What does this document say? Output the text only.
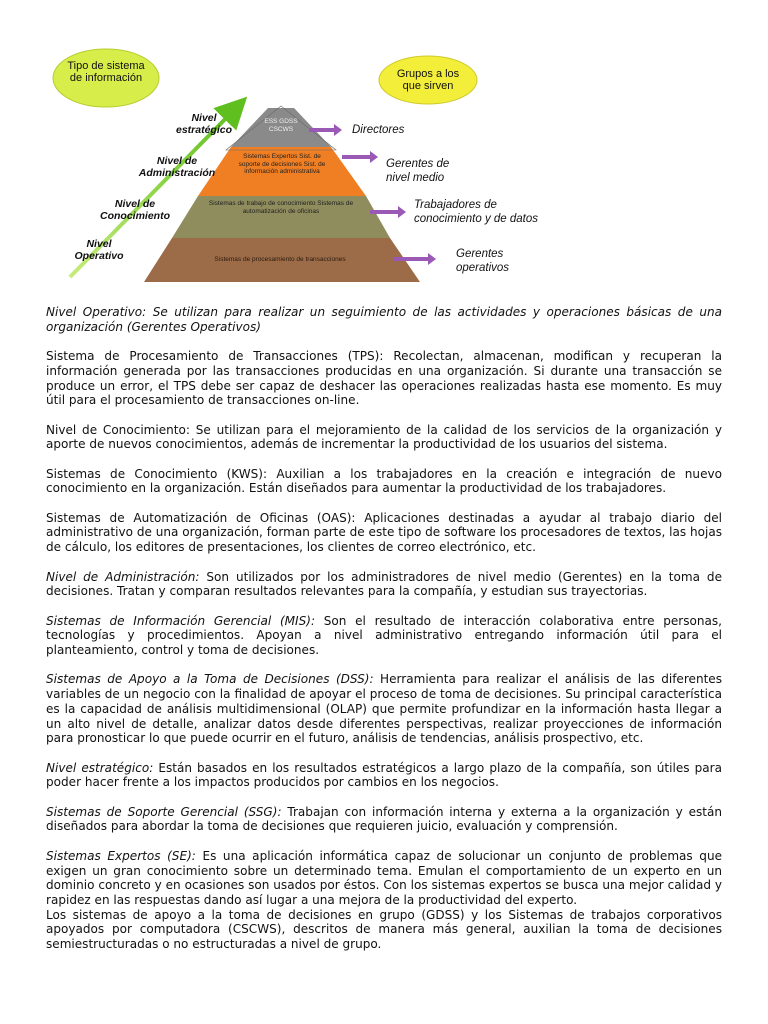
Tipo de sistema de información	Grupos a los que sirven
Nivel estratégico
Nivel de Administración
Nivel de Conocimiento
Nivel Operativo
ESS GDSS CSCWS
Sistemas Expertos Sist. de soporte de decisiones Sist. de información administrativa
Sistemas de trabajo de conocimiento Sistemas de automatización de oficinas
Sistemas de procesamiento de transacciones
Directores
Gerentes de nivel medio
Trabajadores de conocimiento y de datos
Gerentes operativos

Nivel Operativo: Se utilizan para realizar un seguimiento de las actividades y operaciones básicas de una organización (Gerentes Operativos)

Sistema de Procesamiento de Transacciones (TPS): Recolectan, almacenan, modifican y recuperan la información generada por las transacciones producidas en una organización. Si durante una transacción se produce un error, el TPS debe ser capaz de deshacer las operaciones realizadas hasta ese momento. Es muy útil para el procesamiento de transacciones on-line.

Nivel de Conocimiento: Se utilizan para el mejoramiento de la calidad de los servicios de la organización y aporte de nuevos conocimientos, además de incrementar la productividad de los usuarios del sistema.

Sistemas de Conocimiento (KWS): Auxilian a los trabajadores en la creación e integración de nuevo conocimiento en la organización. Están diseñados para aumentar la productividad de los trabajadores.

Sistemas de Automatización de Oficinas (OAS): Aplicaciones destinadas a ayudar al trabajo diario del administrativo de una organización, forman parte de este tipo de software los procesadores de textos, las hojas de cálculo, los editores de presentaciones, los clientes de correo electrónico, etc.

Nivel de Administración: Son utilizados por los administradores de nivel medio (Gerentes) en la toma de decisiones. Tratan y comparan resultados relevantes para la compañía, y estudian sus trayectorias.

Sistemas de Información Gerencial (MIS): Son el resultado de interacción colaborativa entre personas, tecnologías y procedimientos. Apoyan a nivel administrativo entregando información útil para el planteamiento, control y toma de decisiones.

Sistemas de Apoyo a la Toma de Decisiones (DSS): Herramienta para realizar el análisis de las diferentes variables de un negocio con la finalidad de apoyar el proceso de toma de decisiones. Su principal característica es la capacidad de análisis multidimensional (OLAP) que permite profundizar en la información hasta llegar a un alto nivel de detalle, analizar datos desde diferentes perspectivas, realizar proyecciones de información para pronosticar lo que puede ocurrir en el futuro, análisis de tendencias, análisis prospectivo, etc.

Nivel estratégico: Están basados en los resultados estratégicos a largo plazo de la compañía, son útiles para poder hacer frente a los impactos producidos por cambios en los negocios.

Sistemas de Soporte Gerencial (SSG): Trabajan con información interna y externa a la organización y están diseñados para abordar la toma de decisiones que requieren juicio, evaluación y comprensión.

Sistemas Expertos (SE): Es una aplicación informática capaz de solucionar un conjunto de problemas que exigen un gran conocimiento sobre un determinado tema. Emulan el comportamiento de un experto en un dominio concreto y en ocasiones son usados por éstos. Con los sistemas expertos se busca una mejor calidad y rapidez en las respuestas dando así lugar a una mejora de la productividad del experto.

Los sistemas de apoyo a la toma de decisiones en grupo (GDSS) y los Sistemas de trabajos corporativos apoyados por computadora (CSCWS), descritos de manera más general, auxilian la toma de decisiones semiestructuradas o no estructuradas a nivel de grupo.
